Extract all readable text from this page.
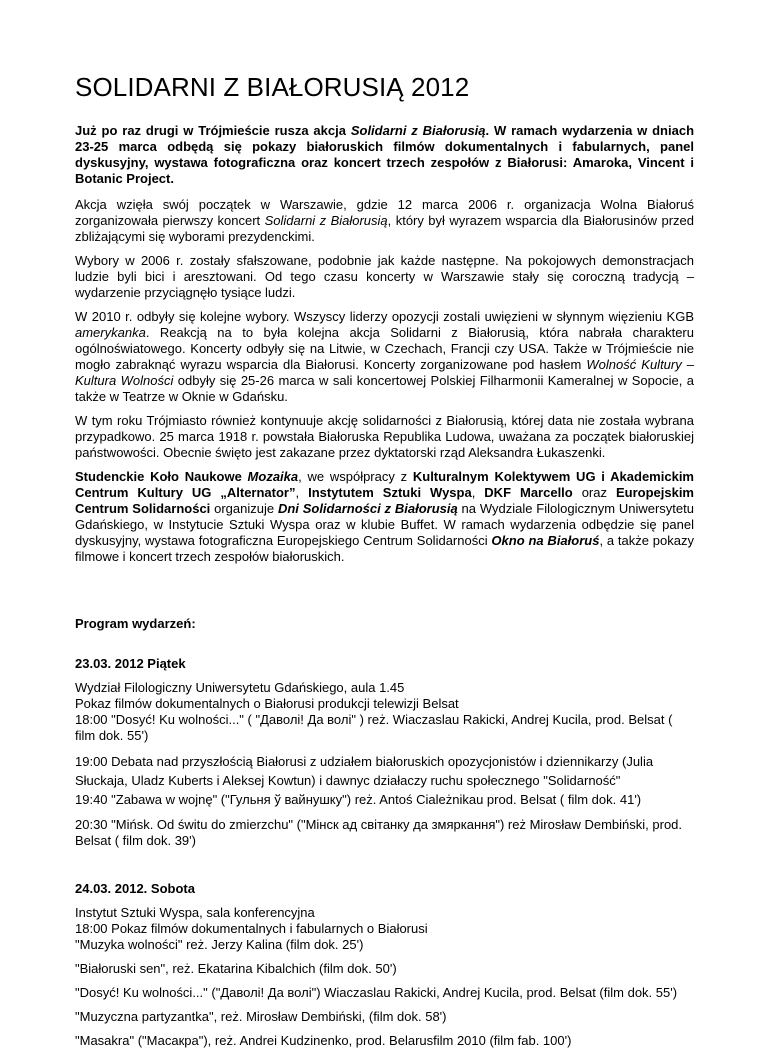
SOLIDARNI Z BIAŁORUSIĄ 2012

Już po raz drugi w Trójmieście rusza akcja Solidarni z Białorusią. W ramach wydarzenia w dniach 23-25 marca odbędą się pokazy białoruskich filmów dokumentalnych i fabularnych, panel dyskusyjny, wystawa fotograficzna oraz koncert trzech zespołów z Białorusi: Amaroka, Vincent i Botanic Project.

Akcja wzięła swój początek w Warszawie, gdzie 12 marca 2006 r. organizacja Wolna Białoruś zorganizowała pierwszy koncert Solidarni z Białorusią, który był wyrazem wsparcia dla Białorusinów przed zbliżającymi się wyborami prezydenckimi.

Wybory w 2006 r. zostały sfałszowane, podobnie jak każde następne. Na pokojowych demonstracjach ludzie byli bici i aresztowani. Od tego czasu koncerty w Warszawie stały się coroczną tradycją – wydarzenie przyciągnęło tysiące ludzi.

W 2010 r. odbyły się kolejne wybory. Wszyscy liderzy opozycji zostali uwięzieni w słynnym więzieniu KGB amerykanka. Reakcją na to była kolejna akcja Solidarni z Białorusią, która nabrała charakteru ogólnoświatowego. Koncerty odbyły się na Litwie, w Czechach, Francji czy USA. Także w Trójmieście nie mogło zabraknąć wyrazu wsparcia dla Białorusi. Koncerty zorganizowane pod hasłem Wolność Kultury – Kultura Wolności odbyły się 25-26 marca w sali koncertowej Polskiej Filharmonii Kameralnej w Sopocie, a także w Teatrze w Oknie w Gdańsku.

W tym roku Trójmiasto również kontynuuje akcję solidarności z Białorusią, której data nie została wybrana przypadkowo. 25 marca 1918 r. powstała Białoruska Republika Ludowa, uważana za początek białoruskiej państwowości. Obecnie święto jest zakazane przez dyktatorski rząd Aleksandra Łukaszenki.

Studenckie Koło Naukowe Mozaika, we współpracy z Kulturalnym Kolektywem UG i Akademickim Centrum Kultury UG „Alternator”, Instytutem Sztuki Wyspa, DKF Marcello oraz Europejskim Centrum Solidarności organizuje Dni Solidarności z Białorusią na Wydziale Filologicznym Uniwersytetu Gdańskiego, w Instytucie Sztuki Wyspa oraz w klubie Buffet. W ramach wydarzenia odbędzie się panel dyskusyjny, wystawa fotograficzna Europejskiego Centrum Solidarności Okno na Białoruś, a także pokazy filmowe i koncert trzech zespołów białoruskich.

Program wydarzeń:

23.03. 2012 Piątek

Wydział Filologiczny Uniwersytetu Gdańskiego, aula 1.45
Pokaz filmów dokumentalnych o Białorusi produkcji telewizji Belsat
18:00 "Dosyć! Ku wolności..." ( "Даволі! Да волі" ) reż. Wiaczaslau Rakicki, Andrej Kucila, prod. Belsat ( film dok. 55')

19:00 Debata nad przyszłością Białorusi z udziałem białoruskich opozycjonistów i dziennikarzy (Julia Słuckaja, Uladz Kuberts i Aleksej Kowtun) i dawnyc działaczy ruchu społecznego "Solidarność"
19:40 "Zabawa w wojnę" ("Гульня ў вайнушку") reż. Antoś Ciależnikau prod. Belsat ( film dok. 41')

20:30 "Mińsk. Od świtu do zmierzchu" ("Мінск ад світанку да змяркання") reż Mirosław Dembiński, prod. Belsat ( film dok. 39')

24.03. 2012. Sobota

Instytut Sztuki Wyspa, sala konferencyjna
18:00 Pokaz filmów dokumentalnych i fabularnych o Białorusi
"Muzyka wolności" reż. Jerzy Kalina (film dok. 25')

"Białoruski sen", reż. Ekatarina Kibalchich (film dok. 50')

"Dosyć! Ku wolności..." ("Даволі! Да волі") Wiaczaslau Rakicki, Andrej Kucila, prod. Belsat (film dok. 55')

"Muzyczna partyzantka", reż. Mirosław Dembiński, (film dok. 58')

"Masakra" ("Масакра"), reż. Andrei Kudzinenko, prod. Belarusfilm 2010 (film fab. 100')
